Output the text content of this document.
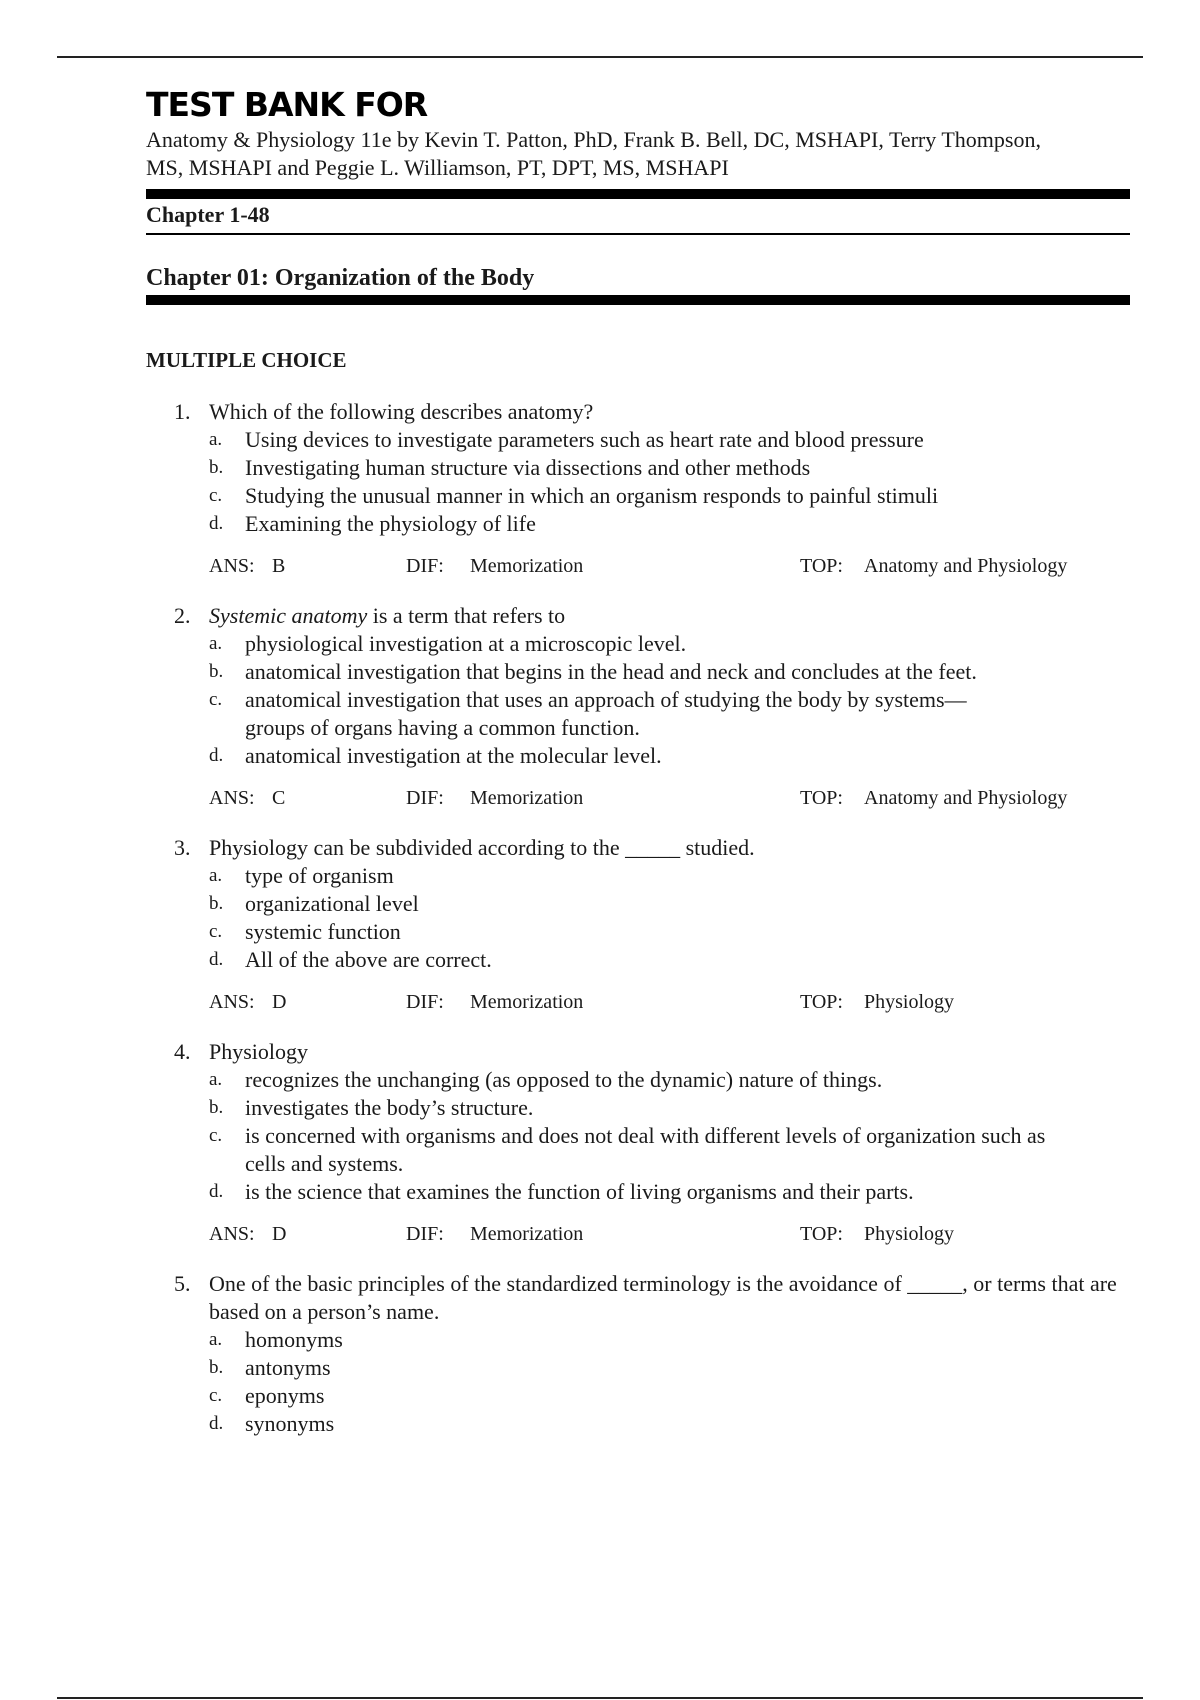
TEST BANK FOR

Anatomy & Physiology 11e by Kevin T. Patton, PhD, Frank B. Bell, DC, MSHAPI, Terry Thompson, MS, MSHAPI and Peggie L. Williamson, PT, DPT, MS, MSHAPI

Chapter 1-48

Chapter 01: Organization of the Body
MULTIPLE CHOICE
1. Which of the following describes anatomy?
a. Using devices to investigate parameters such as heart rate and blood pressure
b. Investigating human structure via dissections and other methods
c. Studying the unusual manner in which an organism responds to painful stimuli
d. Examining the physiology of life
ANS: B	DIF: Memorization	TOP: Anatomy and Physiology
2. Systemic anatomy is a term that refers to
a. physiological investigation at a microscopic level.
b. anatomical investigation that begins in the head and neck and concludes at the feet.
c. anatomical investigation that uses an approach of studying the body by systems—groups of organs having a common function.
d. anatomical investigation at the molecular level.
ANS: C	DIF: Memorization	TOP: Anatomy and Physiology
3. Physiology can be subdivided according to the _____ studied.
a. type of organism
b. organizational level
c. systemic function
d. All of the above are correct.
ANS: D	DIF: Memorization	TOP: Physiology
4. Physiology
a. recognizes the unchanging (as opposed to the dynamic) nature of things.
b. investigates the body’s structure.
c. is concerned with organisms and does not deal with different levels of organization such as cells and systems.
d. is the science that examines the function of living organisms and their parts.
ANS: D	DIF: Memorization	TOP: Physiology
5. One of the basic principles of the standardized terminology is the avoidance of _____, or terms that are based on a person’s name.
a. homonyms
b. antonyms
c. eponyms
d. synonyms
